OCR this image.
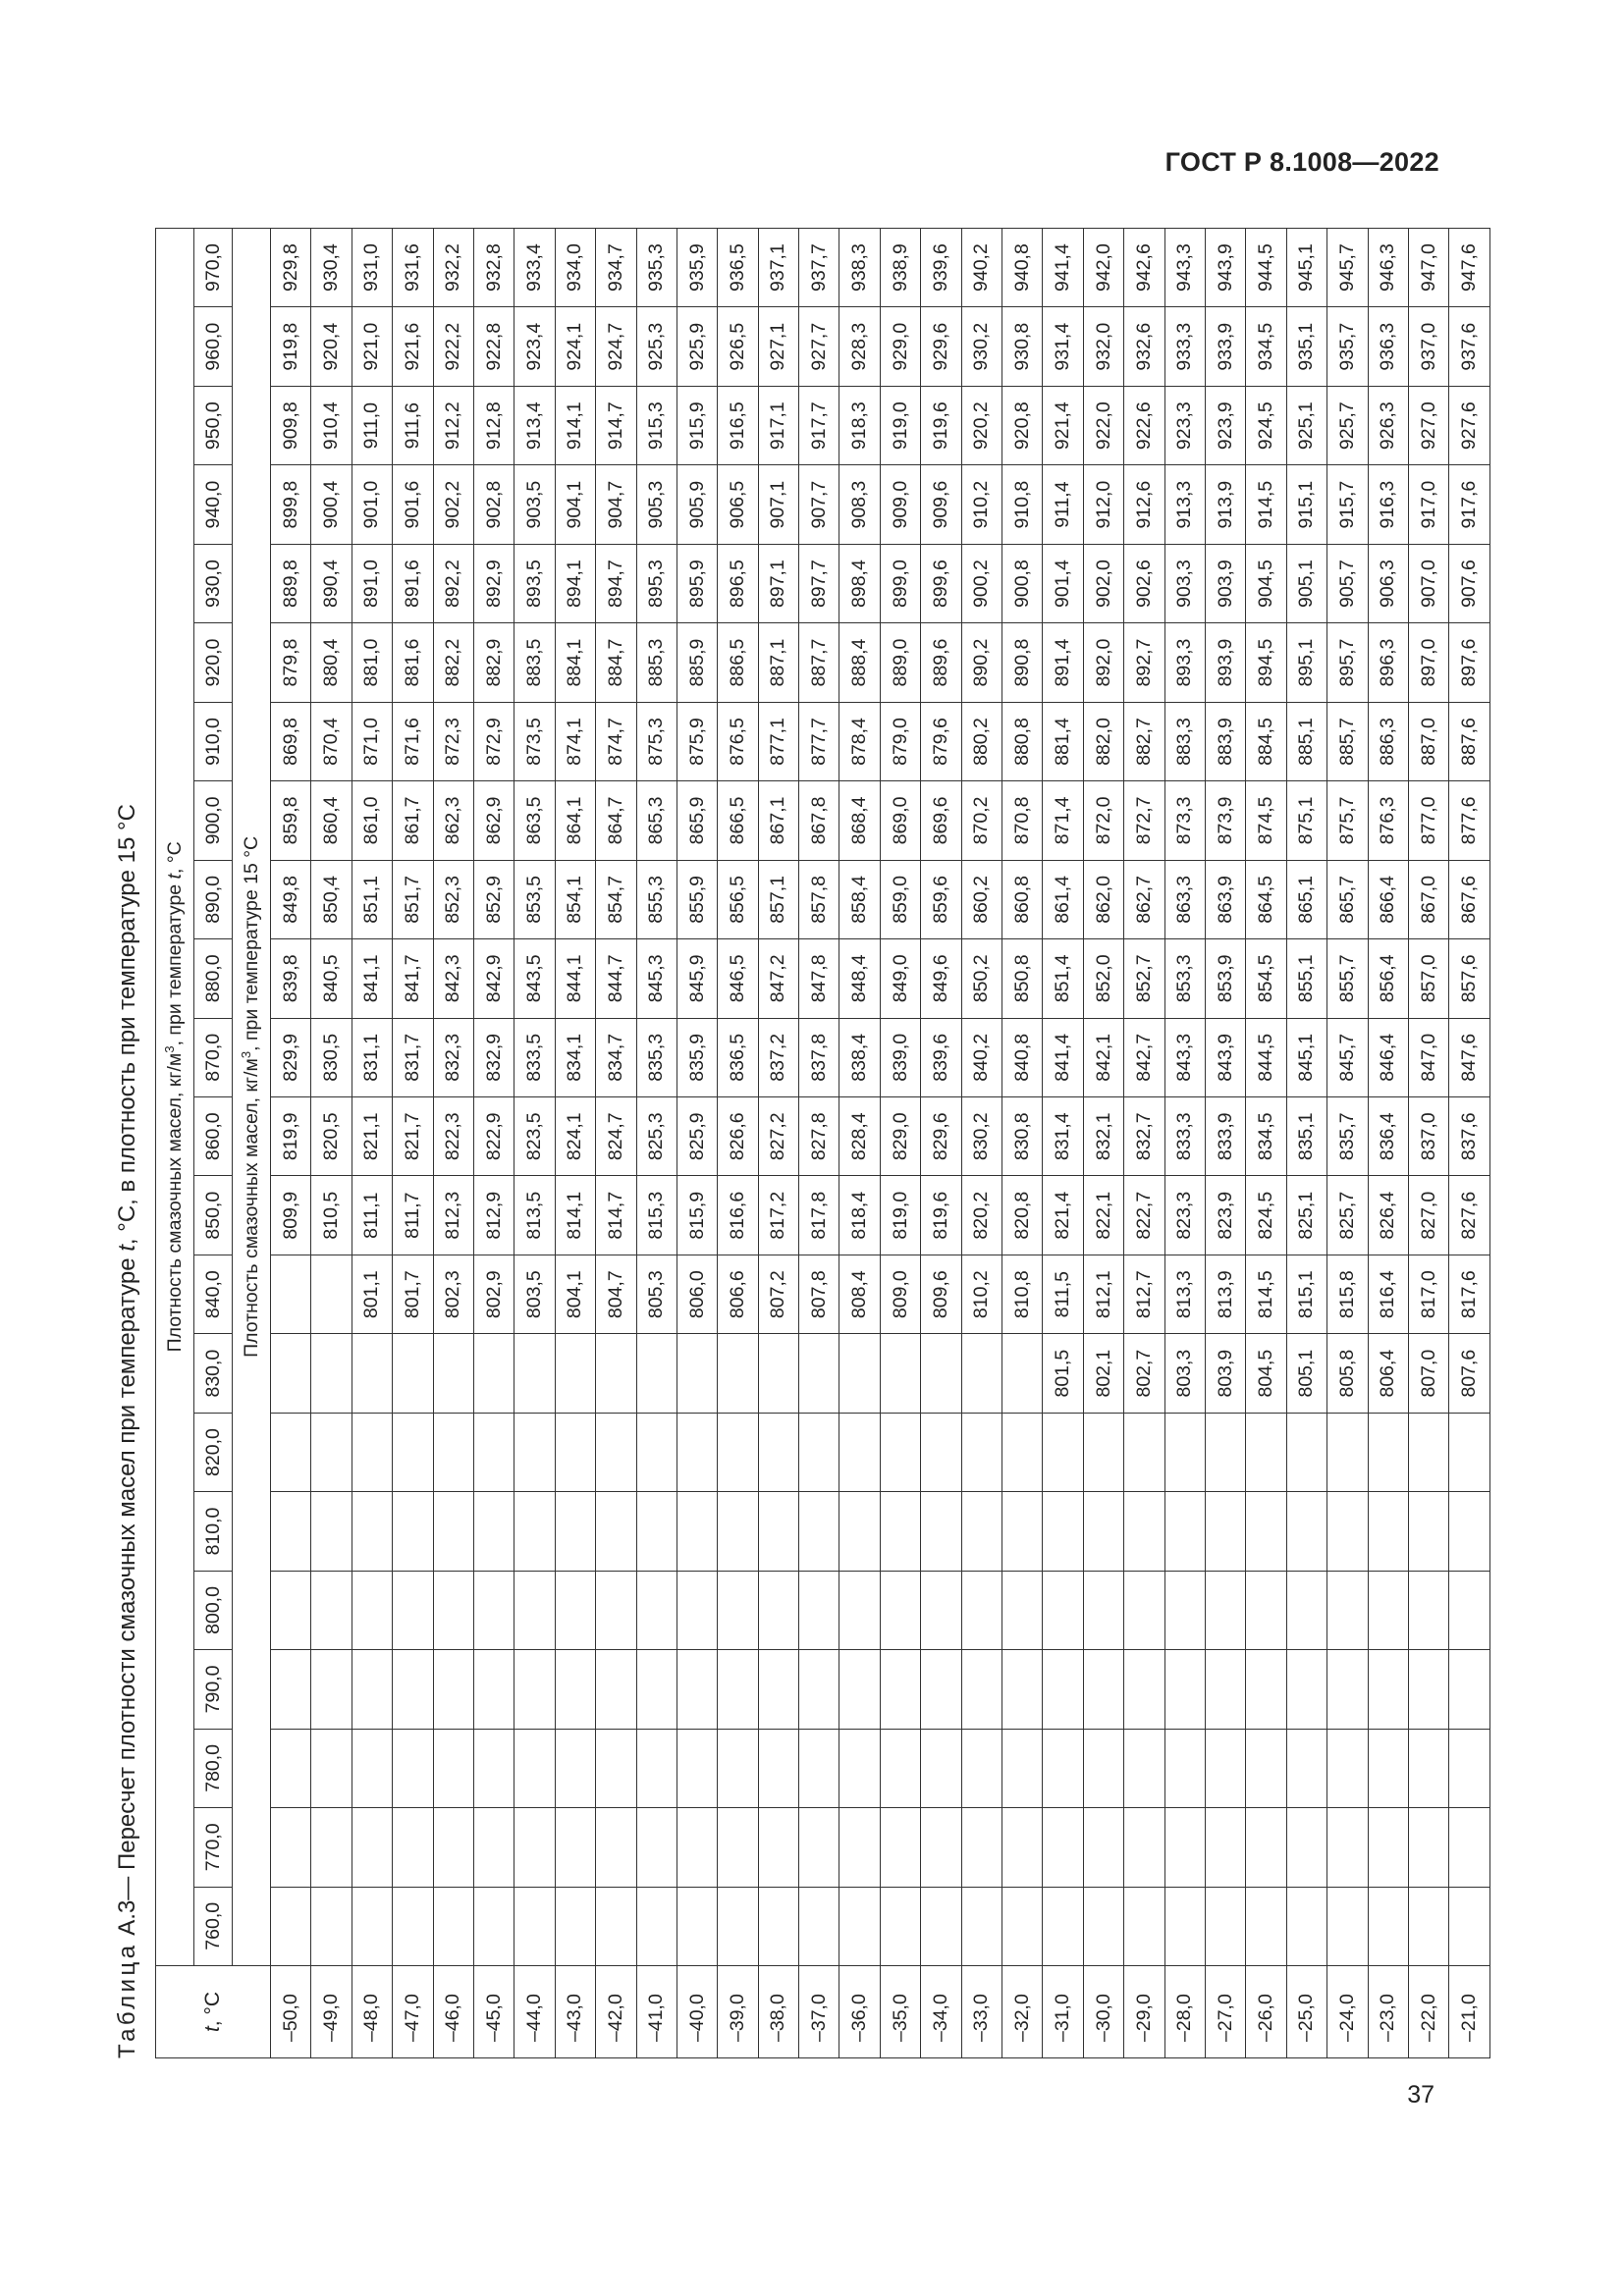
ГОСТ Р 8.1008—2022
Таблица А.3— Пересчет плотности смазочных масел при температуре t, °С, в плотность при температуре 15 °С
t, °С	Плотность смазочных масел, $кг/м^3$, при температуре t, °С																					
	760,0	770,0	780,0	790,0	800,0	810,0	820,0	830,0	840,0	850,0	860,0	870,0	880,0	890,0	900,0	910,0	920,0	930,0	940,0	950,0	960,0	970,0
	Плотность смазочных масел, $кг/м^3$, при температуре 15 °С																					
–50,0										809,9	819,9	829,9	839,8	849,8	859,8	869,8	879,8	889,8	899,8	909,8	919,8	929,8
–49,0										810,5	820,5	830,5	840,5	850,4	860,4	870,4	880,4	890,4	900,4	910,4	920,4	930,4
–48,0									801,1	811,1	821,1	831,1	841,1	851,1	861,0	871,0	881,0	891,0	901,0	911,0	921,0	931,0
–47,0									801,7	811,7	821,7	831,7	841,7	851,7	861,7	871,6	881,6	891,6	901,6	911,6	921,6	931,6
–46,0									802,3	812,3	822,3	832,3	842,3	852,3	862,3	872,3	882,2	892,2	902,2	912,2	922,2	932,2
–45,0									802,9	812,9	822,9	832,9	842,9	852,9	862,9	872,9	882,9	892,9	902,8	912,8	922,8	932,8
–44,0									803,5	813,5	823,5	833,5	843,5	853,5	863,5	873,5	883,5	893,5	903,5	913,4	923,4	933,4
–43,0									804,1	814,1	824,1	834,1	844,1	854,1	864,1	874,1	884,1	894,1	904,1	914,1	924,1	934,0
–42,0									804,7	814,7	824,7	834,7	844,7	854,7	864,7	874,7	884,7	894,7	904,7	914,7	924,7	934,7
–41,0									805,3	815,3	825,3	835,3	845,3	855,3	865,3	875,3	885,3	895,3	905,3	915,3	925,3	935,3
–40,0									806,0	815,9	825,9	835,9	845,9	855,9	865,9	875,9	885,9	895,9	905,9	915,9	925,9	935,9
–39,0									806,6	816,6	826,6	836,5	846,5	856,5	866,5	876,5	886,5	896,5	906,5	916,5	926,5	936,5
–38,0									807,2	817,2	827,2	837,2	847,2	857,1	867,1	877,1	887,1	897,1	907,1	917,1	927,1	937,1
–37,0									807,8	817,8	827,8	837,8	847,8	857,8	867,8	877,7	887,7	897,7	907,7	917,7	927,7	937,7
–36,0									808,4	818,4	828,4	838,4	848,4	858,4	868,4	878,4	888,4	898,4	908,3	918,3	928,3	938,3
–35,0									809,0	819,0	829,0	839,0	849,0	859,0	869,0	879,0	889,0	899,0	909,0	919,0	929,0	938,9
–34,0									809,6	819,6	829,6	839,6	849,6	859,6	869,6	879,6	889,6	899,6	909,6	919,6	929,6	939,6
–33,0									810,2	820,2	830,2	840,2	850,2	860,2	870,2	880,2	890,2	900,2	910,2	920,2	930,2	940,2
–32,0									810,8	820,8	830,8	840,8	850,8	860,8	870,8	880,8	890,8	900,8	910,8	920,8	930,8	940,8
–31,0								801,5	811,5	821,4	831,4	841,4	851,4	861,4	871,4	881,4	891,4	901,4	911,4	921,4	931,4	941,4
–30,0								802,1	812,1	822,1	832,1	842,1	852,0	862,0	872,0	882,0	892,0	902,0	912,0	922,0	932,0	942,0
–29,0								802,7	812,7	822,7	832,7	842,7	852,7	862,7	872,7	882,7	892,7	902,6	912,6	922,6	932,6	942,6
–28,0								803,3	813,3	823,3	833,3	843,3	853,3	863,3	873,3	883,3	893,3	903,3	913,3	923,3	933,3	943,3
–27,0								803,9	813,9	823,9	833,9	843,9	853,9	863,9	873,9	883,9	893,9	903,9	913,9	923,9	933,9	943,9
–26,0								804,5	814,5	824,5	834,5	844,5	854,5	864,5	874,5	884,5	894,5	904,5	914,5	924,5	934,5	944,5
–25,0								805,1	815,1	825,1	835,1	845,1	855,1	865,1	875,1	885,1	895,1	905,1	915,1	925,1	935,1	945,1
–24,0								805,8	815,8	825,7	835,7	845,7	855,7	865,7	875,7	885,7	895,7	905,7	915,7	925,7	935,7	945,7
–23,0								806,4	816,4	826,4	836,4	846,4	856,4	866,4	876,3	886,3	896,3	906,3	916,3	926,3	936,3	946,3
–22,0								807,0	817,0	827,0	837,0	847,0	857,0	867,0	877,0	887,0	897,0	907,0	917,0	927,0	937,0	947,0
–21,0								807,6	817,6	827,6	837,6	847,6	857,6	867,6	877,6	887,6	897,6	907,6	917,6	927,6	937,6	947,6
37
